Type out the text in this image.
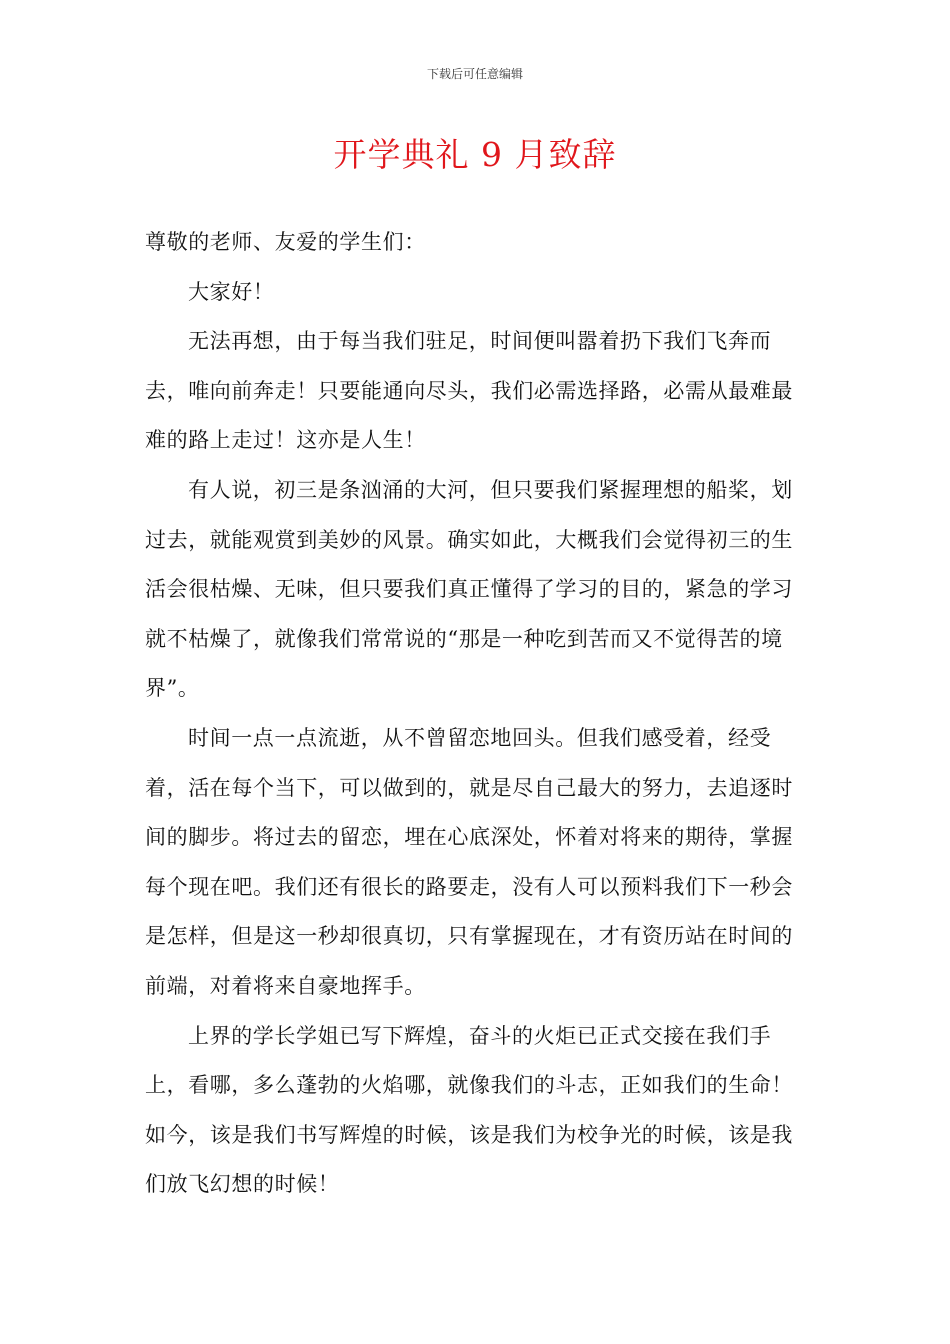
下载后可任意编辑
开学典礼 9 月致辞

尊敬的老师、友爱的学生们：

大家好！

无法再想，由于每当我们驻足，时间便叫嚣着扔下我们飞奔而去，唯向前奔走！只要能通向尽头，我们必需选择路，必需从最难最难的路上走过！这亦是人生！

有人说，初三是条汹涌的大河，但只要我们紧握理想的船桨，划过去，就能观赏到美妙的风景。确实如此，大概我们会觉得初三的生活会很枯燥、无味，但只要我们真正懂得了学习的目的，紧急的学习就不枯燥了，就像我们常常说的“那是一种吃到苦而又不觉得苦的境界”。

时间一点一点流逝，从不曾留恋地回头。但我们感受着，经受着，活在每个当下，可以做到的，就是尽自己最大的努力，去追逐时间的脚步。将过去的留恋，埋在心底深处，怀着对将来的期待，掌握每个现在吧。我们还有很长的路要走，没有人可以预料我们下一秒会是怎样，但是这一秒却很真切，只有掌握现在，才有资历站在时间的前端，对着将来自豪地挥手。

上界的学长学姐已写下辉煌，奋斗的火炬已正式交接在我们手上，看哪，多么蓬勃的火焰哪，就像我们的斗志，正如我们的生命！如今，该是我们书写辉煌的时候，该是我们为校争光的时候，该是我们放飞幻想的时候！
